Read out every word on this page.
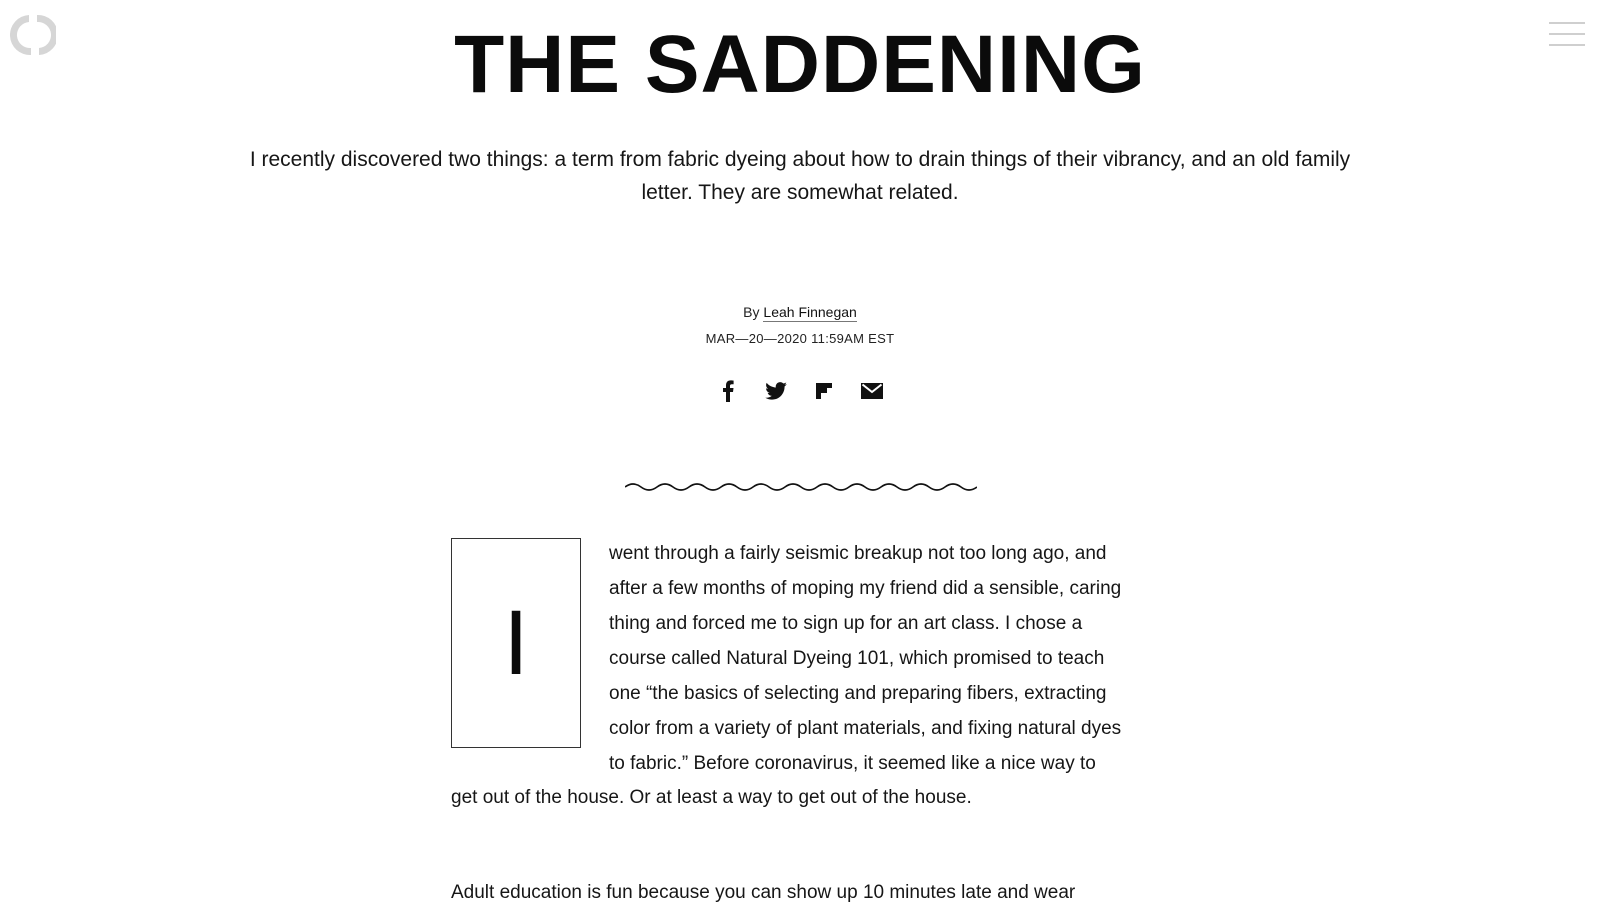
THE SADDENING
I recently discovered two things: a term from fabric dyeing about how to drain things of their vibrancy, and an old family
letter. They are somewhat related.
By Leah Finnegan
MAR—20—2020 11:59AM EST
I
went through a fairly seismic breakup not too long ago, and
after a few months of moping my friend did a sensible, caring
thing and forced me to sign up for an art class. I chose a
course called Natural Dyeing 101, which promised to teach
one “the basics of selecting and preparing fibers, extracting
color from a variety of plant materials, and fixing natural dyes
to fabric.” Before coronavirus, it seemed like a nice way to
get out of the house. Or at least a way to get out of the house.
Adult education is fun because you can show up 10 minutes late and wear
